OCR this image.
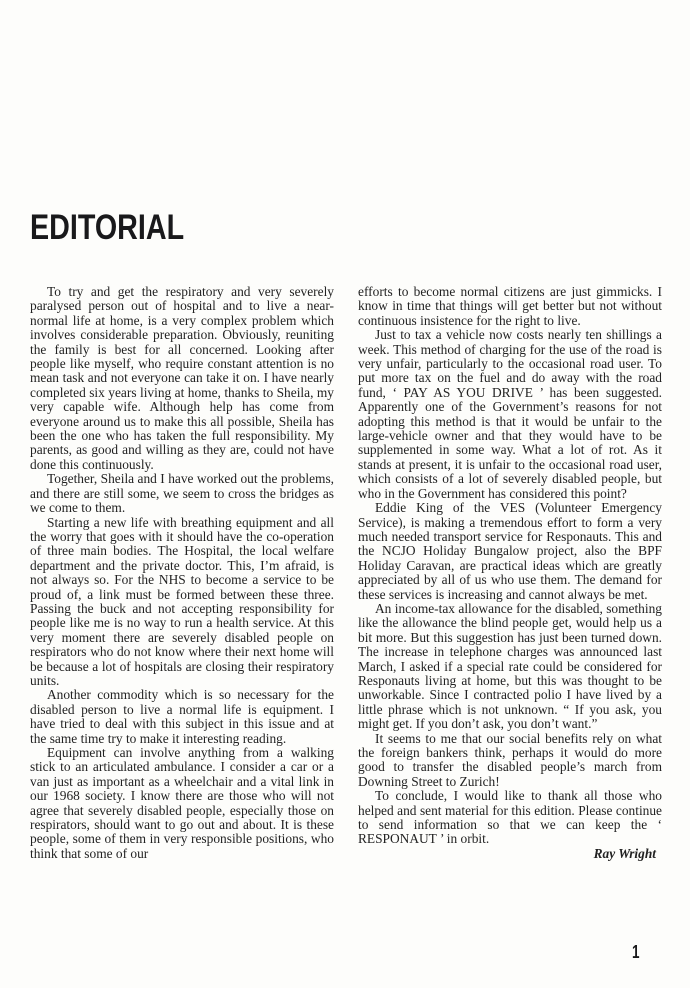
EDITORIAL

To try and get the respiratory and very severely paralysed person out of hospital and to live a near-normal life at home, is a very complex problem which involves considerable preparation. Obviously, reuniting the family is best for all concerned. Looking after people like myself, who require constant attention is no mean task and not everyone can take it on. I have nearly completed six years living at home, thanks to Sheila, my very capable wife. Although help has come from everyone around us to make this all possible, Sheila has been the one who has taken the full responsibility. My parents, as good and willing as they are, could not have done this continuously.

Together, Sheila and I have worked out the problems, and there are still some, we seem to cross the bridges as we come to them.

Starting a new life with breathing equipment and all the worry that goes with it should have the co-operation of three main bodies. The Hospital, the local welfare department and the private doctor. This, I’m afraid, is not always so. For the NHS to become a service to be proud of, a link must be formed between these three. Passing the buck and not accepting responsibility for people like me is no way to run a health service. At this very moment there are severely disabled people on respirators who do not know where their next home will be because a lot of hospitals are closing their respiratory units.

Another commodity which is so necessary for the disabled person to live a normal life is equipment. I have tried to deal with this subject in this issue and at the same time try to make it interesting reading.

Equipment can involve anything from a walking stick to an articulated ambulance. I consider a car or a van just as important as a wheelchair and a vital link in our 1968 society. I know there are those who will not agree that severely disabled people, especially those on respirators, should want to go out and about. It is these people, some of them in very responsible positions, who think that some of our

efforts to become normal citizens are just gimmicks. I know in time that things will get better but not without continuous insistence for the right to live.

Just to tax a vehicle now costs nearly ten shillings a week. This method of charging for the use of the road is very unfair, particularly to the occasional road user. To put more tax on the fuel and do away with the road fund, ‘ PAY AS YOU DRIVE ’ has been suggested. Apparently one of the Government’s reasons for not adopting this method is that it would be unfair to the large-vehicle owner and that they would have to be supplemented in some way. What a lot of rot. As it stands at present, it is unfair to the occasional road user, which consists of a lot of severely disabled people, but who in the Government has considered this point?

Eddie King of the VES (Volunteer Emergency Service), is making a tremendous effort to form a very much needed transport service for Responauts. This and the NCJO Holiday Bungalow project, also the BPF Holiday Caravan, are practical ideas which are greatly appreciated by all of us who use them. The demand for these services is increasing and cannot always be met.

An income-tax allowance for the disabled, something like the allowance the blind people get, would help us a bit more. But this suggestion has just been turned down. The increase in telephone charges was announced last March, I asked if a special rate could be considered for Responauts living at home, but this was thought to be unworkable. Since I contracted polio I have lived by a little phrase which is not unknown. “ If you ask, you might get. If you don’t ask, you don’t want.”

It seems to me that our social benefits rely on what the foreign bankers think, perhaps it would do more good to transfer the disabled people’s march from Downing Street to Zurich!

To conclude, I would like to thank all those who helped and sent material for this edition. Please continue to send information so that we can keep the ‘ RESPONAUT ’ in orbit.

Ray Wright

1
